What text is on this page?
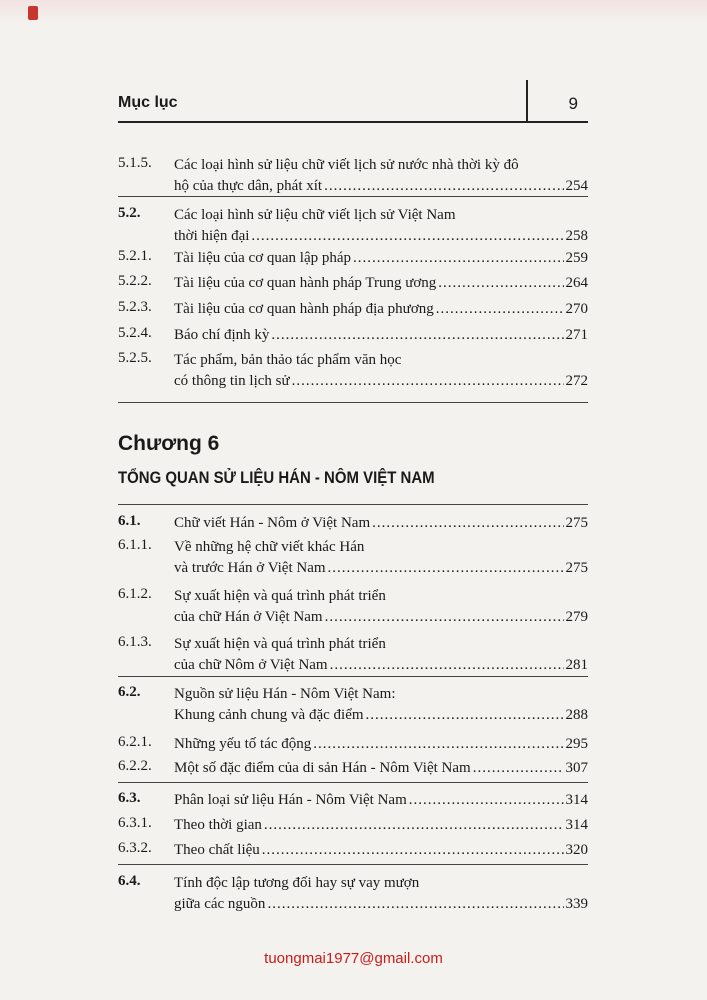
Mục lục	9
5.1.5. Các loại hình sử liệu chữ viết lịch sử nước nhà thời kỳ đô
hộ của thực dân, phát xít .....	254
5.2. Các loại hình sử liệu chữ viết lịch sử Việt Nam
thời hiện đại .....	258
5.2.1. Tài liệu của cơ quan lập pháp .....	259
5.2.2. Tài liệu của cơ quan hành pháp Trung ương .....	264
5.2.3. Tài liệu của cơ quan hành pháp địa phương .....	270
5.2.4. Báo chí định kỳ .....	271
5.2.5. Tác phẩm, bản thảo tác phẩm văn học
có thông tin lịch sử .....	272
6.1. Chữ viết Hán - Nôm ở Việt Nam .....	275
6.1.1. Về những hệ chữ viết khác Hán
và trước Hán ở Việt Nam .....	275
6.1.2. Sự xuất hiện và quá trình phát triển
của chữ Hán ở Việt Nam .....	279
6.1.3. Sự xuất hiện và quá trình phát triển
của chữ Nôm ở Việt Nam .....	281
6.2. Nguồn sử liệu Hán - Nôm Việt Nam:
Khung cảnh chung và đặc điểm .....	288
6.2.1. Những yếu tố tác động .....	295
6.2.2. Một số đặc điểm của di sản Hán - Nôm Việt Nam .....	307
6.3. Phân loại sử liệu Hán - Nôm Việt Nam .....	314
6.3.1. Theo thời gian .....	314
6.3.2. Theo chất liệu .....	320
6.4. Tính độc lập tương đối hay sự vay mượn
giữa các nguồn .....	339
Chương 6
TỔNG QUAN SỬ LIỆU HÁN - NÔM VIỆT NAM
tuongmai1977@gmail.com
